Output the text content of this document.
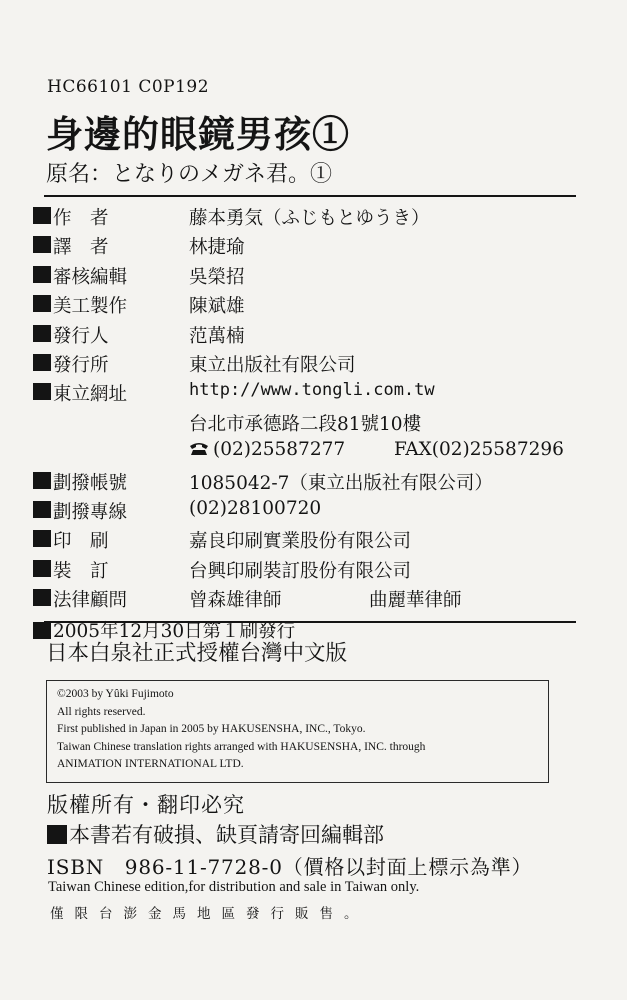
HC66101 C0P192
身邊的眼鏡男孩①
原名：となりのメガネ君。①
作　者	藤本勇気（ふじもとゆうき）
譯　者	林捷瑜
審核編輯	吳榮招
美工製作	陳斌雄
發行人	范萬楠
發行所	東立出版社有限公司
東立網址	http://www.tongli.com.tw
台北市承德路二段81號10樓
(02)25587277	FAX(02)25587296
劃撥帳號	1085042-7（東立出版社有限公司）
劃撥專線	(02)28100720
印　刷	嘉良印刷實業股份有限公司
裝　訂	台興印刷裝訂股份有限公司
法律顧問	曾森雄律師	曲麗華律師
2005年12月30日第１刷發行
日本白泉社正式授權台灣中文版
©2003 by Yûki Fujimoto
All rights reserved.
First published in Japan in 2005 by HAKUSENSHA, INC., Tokyo.
Taiwan Chinese translation rights arranged with HAKUSENSHA, INC. through
ANIMATION INTERNATIONAL LTD.
版權所有・翻印必究
本書若有破損、缺頁請寄回編輯部
ISBN　986-11-7728-0（價格以封面上標示為準）
Taiwan Chinese edition,for distribution and sale in Taiwan only.
僅限台澎金馬地區發行販售。
